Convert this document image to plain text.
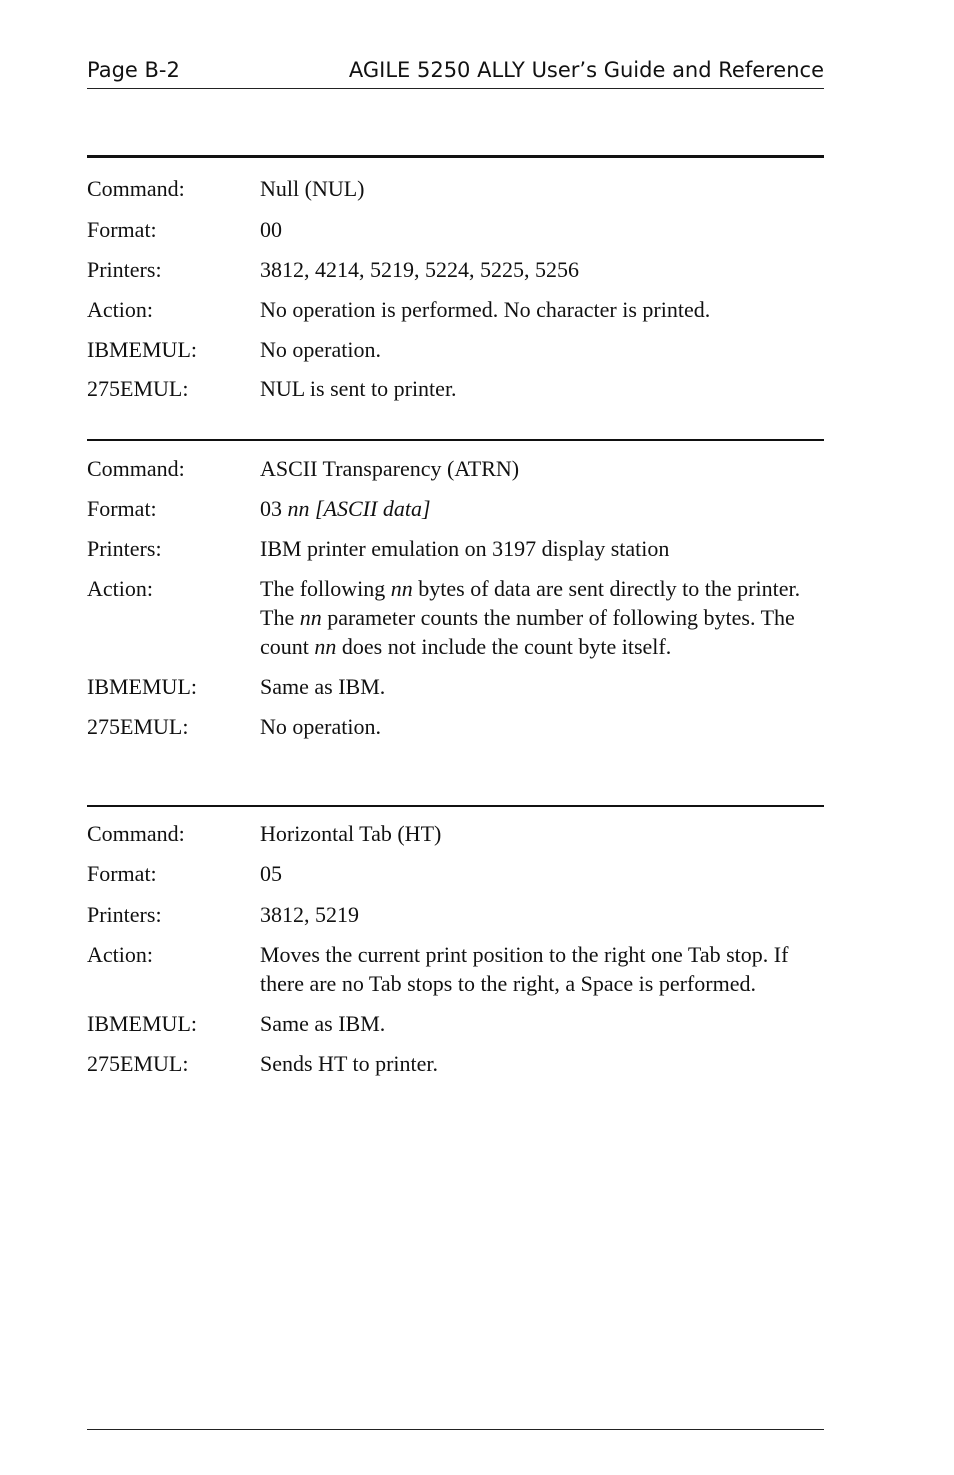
Page B-2	AGILE 5250 ALLY User’s Guide and Reference
Command:	Null (NUL)
Format:	00
Printers:	3812, 4214, 5219, 5224, 5225, 5256
Action:	No operation is performed. No character is printed.
IBMEMUL:	No operation.
275EMUL:	NUL is sent to printer.
Command:	ASCII Transparency (ATRN)
Format:	03 nn [ASCII data]
Printers:	IBM printer emulation on 3197 display station
Action:	The following nn bytes of data are sent directly to the printer. The nn parameter counts the number of following bytes. The count nn does not include the count byte itself.
IBMEMUL:	Same as IBM.
275EMUL:	No operation.
Command:	Horizontal Tab (HT)
Format:	05
Printers:	3812, 5219
Action:	Moves the current print position to the right one Tab stop. If there are no Tab stops to the right, a Space is performed.
IBMEMUL:	Same as IBM.
275EMUL:	Sends HT to printer.
